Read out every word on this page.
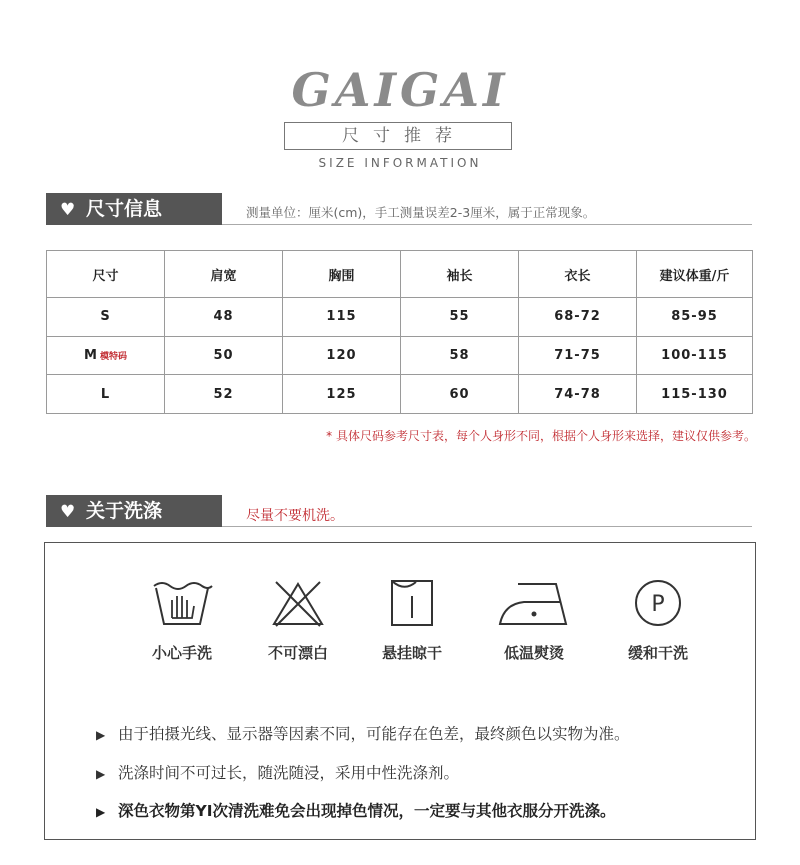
GAIGAI
尺寸推荐
SIZE INFORMATION
♥ 尺寸信息	测量单位：厘米(cm)，手工测量误差2-3厘米，属于正常现象。
尺寸	肩宽	胸围	袖长	衣长	建议体重/斤
S	48	115	55	68-72	85-95
M 模特码	50	120	58	71-75	100-115
L	52	125	60	74-78	115-130
* 具体尺码参考尺寸表，每个人身形不同，根据个人身形来选择，建议仅供参考。
♥ 关于洗涤	尽量不要机洗。
小心手洗	不可漂白	悬挂晾干	低温熨烫
P
缓和干洗
▶ 由于拍摄光线、显示器等因素不同，可能存在色差，最终颜色以实物为准。
▶ 洗涤时间不可过长，随洗随浸，采用中性洗涤剂。
▶ 深色衣物第YI次清洗难免会出现掉色情况，一定要与其他衣服分开洗涤。
